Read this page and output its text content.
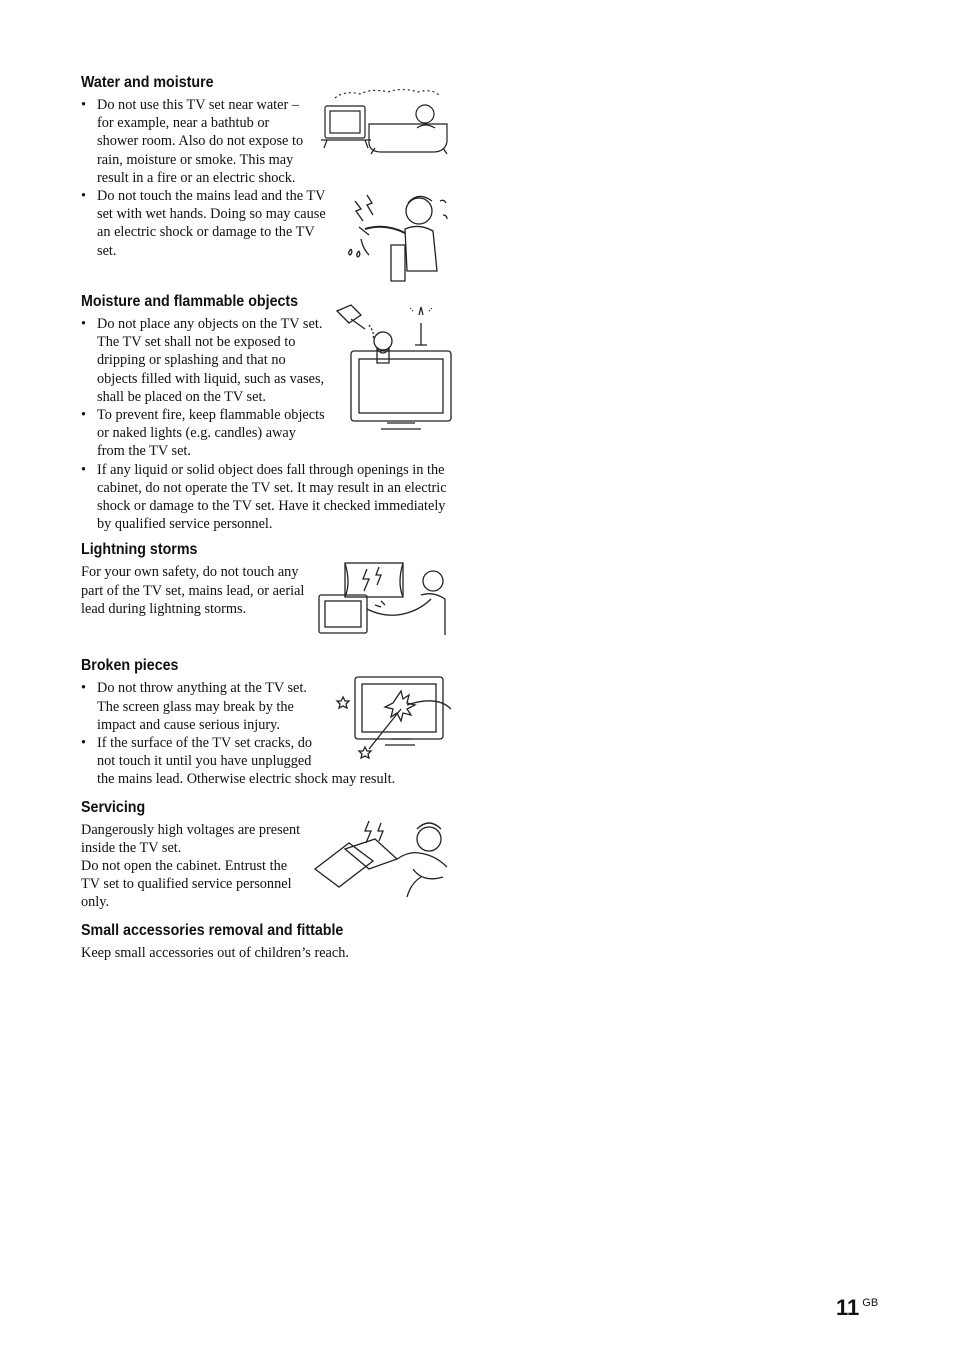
Water and moisture
• Do not use this TV set near water – for example, near a bathtub or shower room. Also do not expose to rain, moisture or smoke. This may result in a fire or an electric shock.
• Do not touch the mains lead and the TV set with wet hands. Doing so may cause an electric shock or damage to the TV set.
Moisture and flammable objects
• Do not place any objects on the TV set. The TV set shall not be exposed to dripping or splashing and that no objects filled with liquid, such as vases, shall be placed on the TV set.
• To prevent fire, keep flammable objects or naked lights (e.g. candles) away from the TV set.
• If any liquid or solid object does fall through openings in the cabinet, do not operate the TV set. It may result in an electric shock or damage to the TV set. Have it checked immediately by qualified service personnel.
Lightning storms

For your own safety, do not touch any part of the TV set, mains lead, or aerial lead during lightning storms.

Broken pieces
• Do not throw anything at the TV set. The screen glass may break by the impact and cause serious injury.
• If the surface of the TV set cracks, do not touch it until you have unplugged the mains lead. Otherwise electric shock may result.
Servicing

Dangerously high voltages are present inside the TV set.

Do not open the cabinet. Entrust the TV set to qualified service personnel only.

Small accessories removal and fittable

Keep small accessories out of children’s reach.

11 $^{GB}$
